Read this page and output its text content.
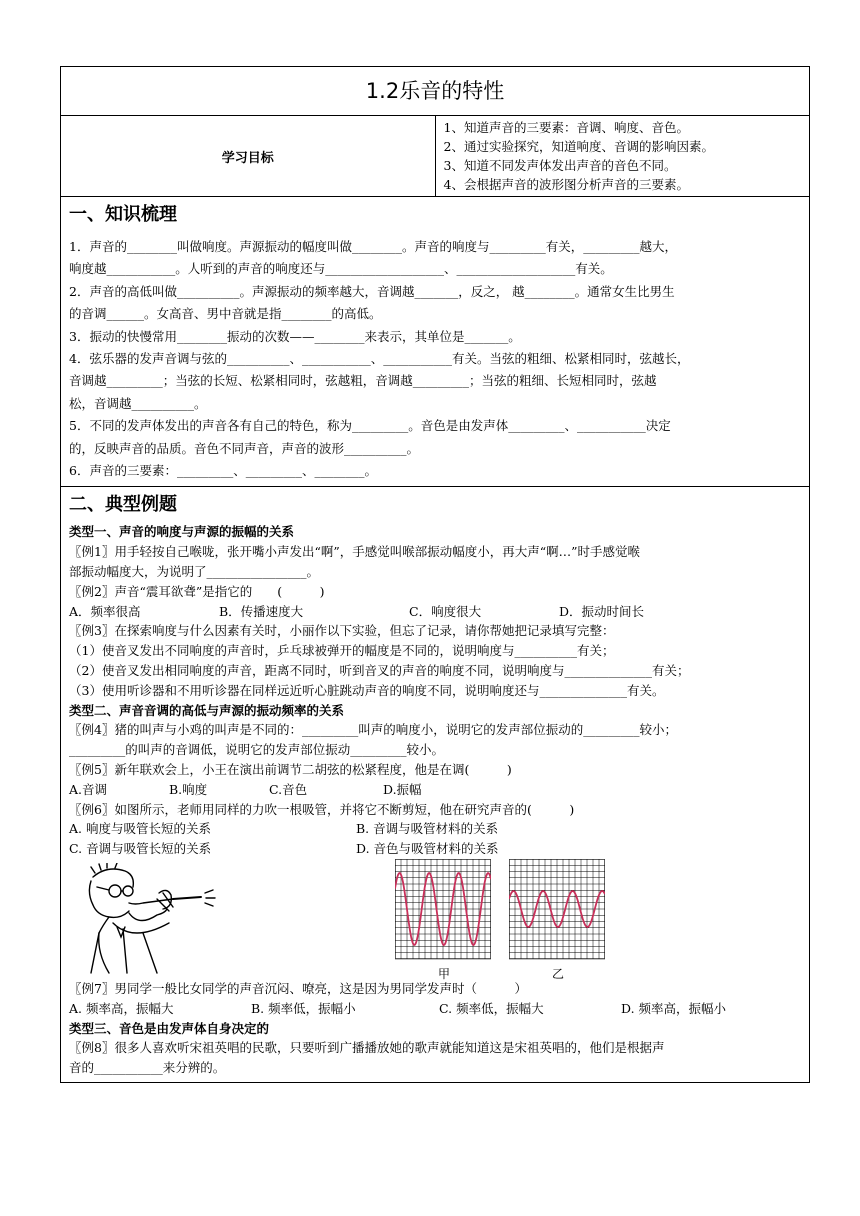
1.2乐音的特性
学习目标	
1、知道声音的三要素：音调、响度、音色。
2、通过实验探究，知道响度、音调的影响因素。
3、知道不同发声体发出声音的音色不同。
4、会根据声音的波形图分析声音的三要素。

一、知识梳理
1．声音的________叫做响度。声源振动的幅度叫做________。声音的响度与_________有关，_________越大，
响度越___________。人听到的声音的响度还与___________________、___________________有关。
2．声音的高低叫做__________。声源振动的频率越大，音调越_______，反之， 越________。通常女生比男生
的音调______。女高音、男中音就是指________的高低。
3．振动的快慢常用________振动的次数——________来表示，其单位是_______。
4．弦乐器的发声音调与弦的__________、___________、___________有关。当弦的粗细、松紧相同时，弦越长，
音调越_________；当弦的长短、松紧相同时，弦越粗，音调越_________；当弦的粗细、长短相同时，弦越
松，音调越__________。
5．不同的发声体发出的声音各有自己的特色，称为_________。音色是由发声体_________、___________决定
的，反映声音的品质。音色不同声音，声音的波形__________。
6．声音的三要素：_________、_________、________。

二、典型例题
类型一、声音的响度与声源的振幅的关系
〖例1〗用手轻按自己喉咙，张开嘴小声发出“啊”，手感觉叫喉部振动幅度小，再大声“啊…”时手感觉喉
部振动幅度大，为说明了________________。
〖例2〗声音“震耳欲聋”是指它的　　(　　　)
A．频率很高	B．传播速度大	C．响度很大	D．振动时间长
〖例3〗在探索响度与什么因素有关时，小丽作以下实验，但忘了记录，请你帮她把记录填写完整：
（1）使音叉发出不同响度的声音时，乒乓球被弹开的幅度是不同的，说明响度与__________有关；
（2）使音叉发出相同响度的声音，距离不同时，听到音叉的声音的响度不同，说明响度与______________有关；
（3）使用听诊器和不用听诊器在同样远近听心脏跳动声音的响度不同，说明响度还与______________有关。
类型二、声音音调的高低与声源的振动频率的关系
〖例4〗猪的叫声与小鸡的叫声是不同的：_________叫声的响度小，说明它的发声部位振动的_________较小；
_________的叫声的音调低，说明它的发声部位振动_________较小。
〖例5〗新年联欢会上，小王在演出前调节二胡弦的松紧程度，他是在调(　　　)
A.音调	B.响度	C.音色	D.振幅
〖例6〗如图所示，老师用同样的力吹一根吸管，并将它不断剪短，他在研究声音的(　　　)
A. 响度与吸管长短的关系	B. 音调与吸管材料的关系
C. 音调与吸管长短的关系	D. 音色与吸管材料的关系
甲	乙
〖例7〗男同学一般比女同学的声音沉闷、嘹亮，这是因为男同学发声时（　　　）
A. 频率高，振幅大	B. 频率低，振幅小	C. 频率低，振幅大	D. 频率高，振幅小
类型三、音色是由发声体自身决定的
〖例8〗很多人喜欢听宋祖英唱的民歌，只要听到广播播放她的歌声就能知道这是宋祖英唱的，他们是根据声
音的___________来分辨的。
